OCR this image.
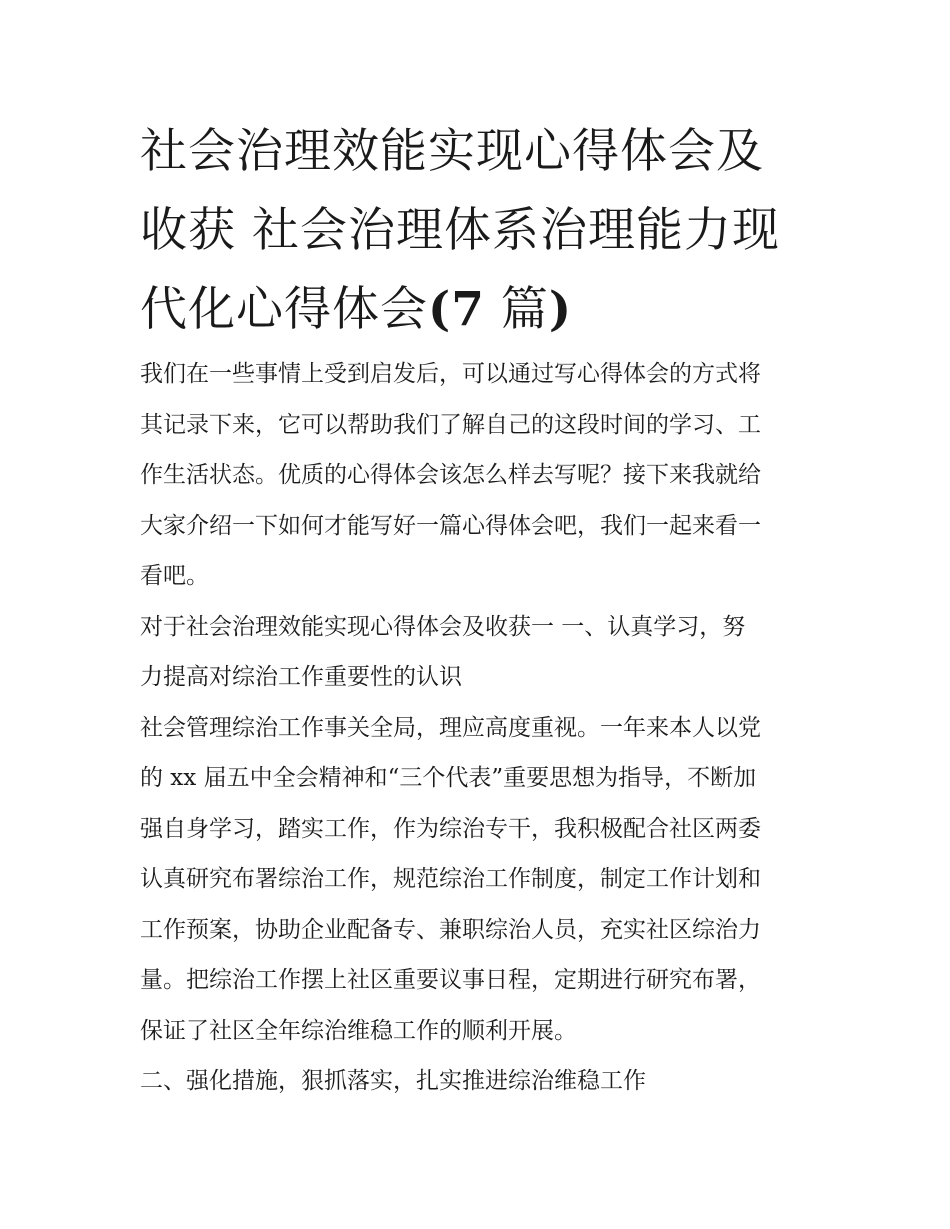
社会治理效能实现心得体会及
收获 社会治理体系治理能力现
代化心得体会(7 篇)

我们在一些事情上受到启发后，可以通过写心得体会的方式将
其记录下来，它可以帮助我们了解自己的这段时间的学习、工
作生活状态。优质的心得体会该怎么样去写呢？接下来我就给
大家介绍一下如何才能写好一篇心得体会吧，我们一起来看一
看吧。

对于社会治理效能实现心得体会及收获一 一、认真学习，努
力提高对综治工作重要性的认识

社会管理综治工作事关全局，理应高度重视。一年来本人以党
的 xx 届五中全会精神和“三个代表”重要思想为指导，不断加
强自身学习，踏实工作，作为综治专干，我积极配合社区两委
认真研究布署综治工作，规范综治工作制度，制定工作计划和
工作预案，协助企业配备专、兼职综治人员，充实社区综治力
量。把综治工作摆上社区重要议事日程，定期进行研究布署，
保证了社区全年综治维稳工作的顺利开展。

二、强化措施，狠抓落实，扎实推进综治维稳工作
